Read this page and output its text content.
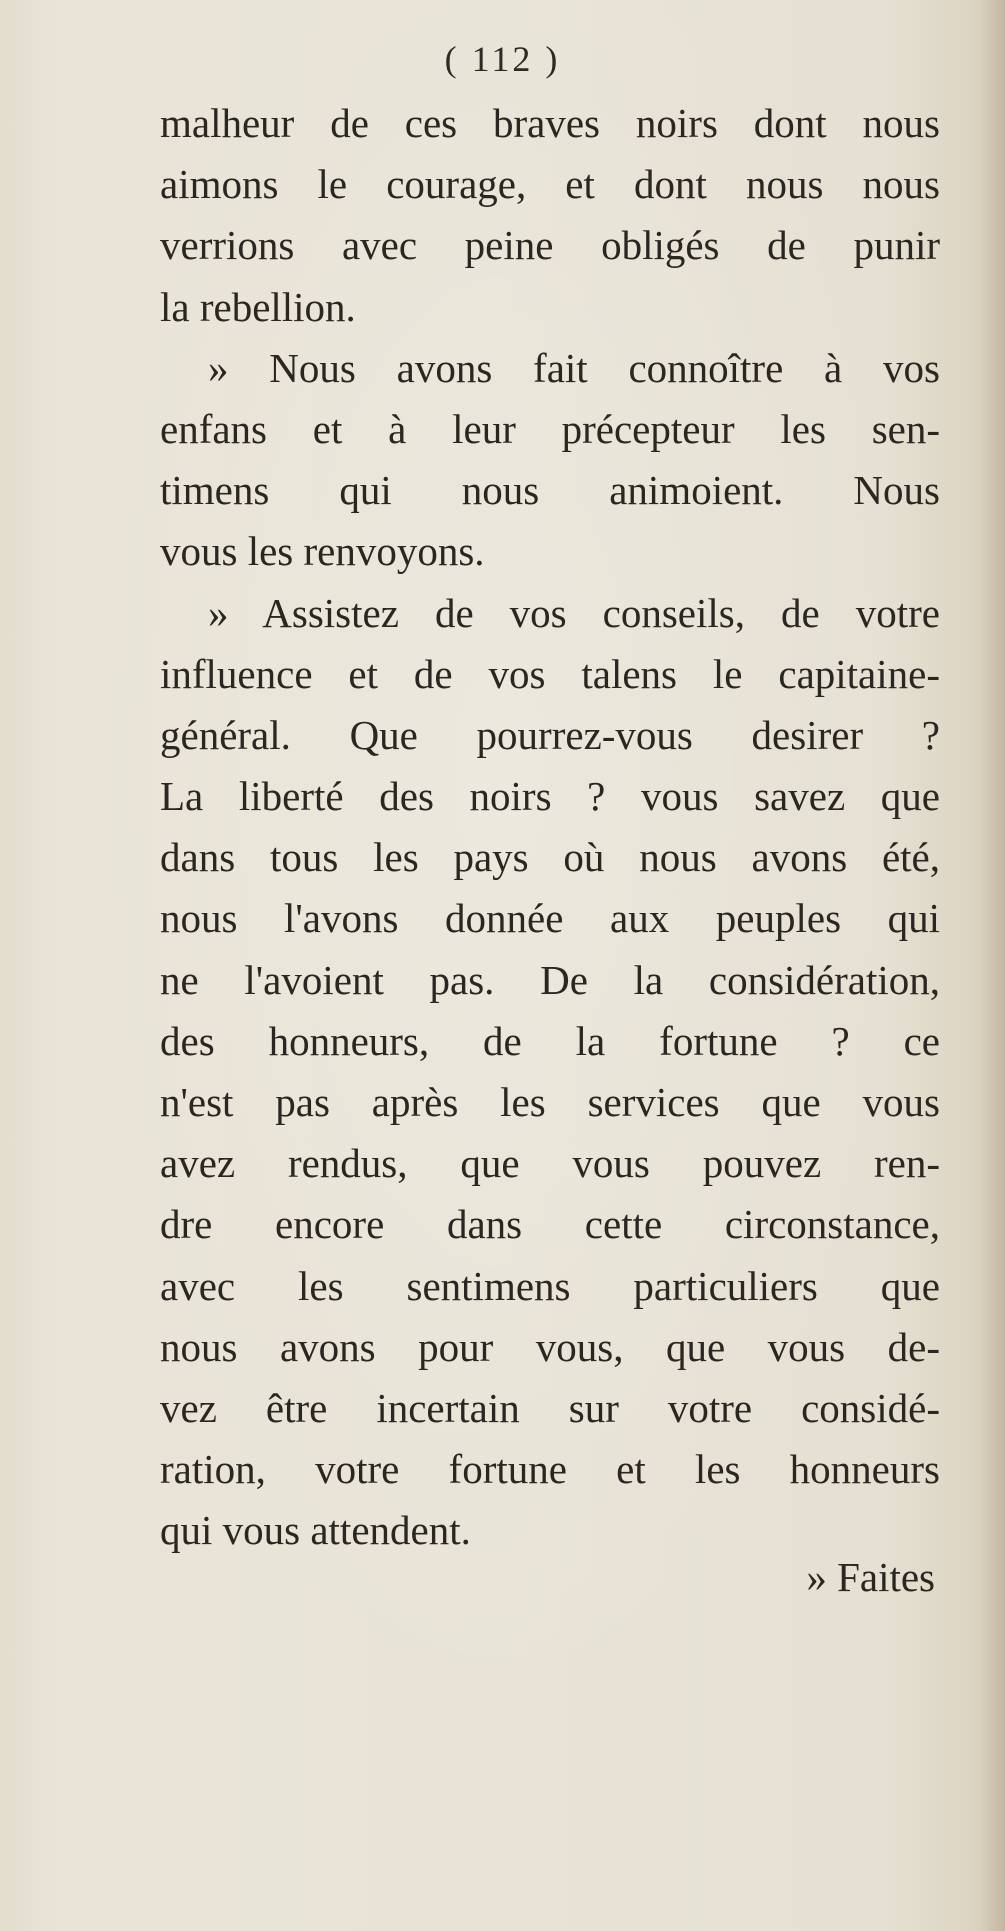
( 112 )
malheur de ces braves noirs dont nous
aimons le courage, et dont nous nous
verrions avec peine obligés de punir
la rebellion.
» Nous avons fait connoître à vos
enfans et à leur précepteur les sen-
timens qui nous animoient. Nous
vous les renvoyons.
» Assistez de vos conseils, de votre
influence et de vos talens le capitaine-
général. Que pourrez-vous desirer ?
La liberté des noirs ? vous savez que
dans tous les pays où nous avons été,
nous l'avons donnée aux peuples qui
ne l'avoient pas. De la considération,
des honneurs, de la fortune ? ce
n'est pas après les services que vous
avez rendus, que vous pouvez ren-
dre encore dans cette circonstance,
avec les sentimens particuliers que
nous avons pour vous, que vous de-
vez être incertain sur votre considé-
ration, votre fortune et les honneurs
qui vous attendent.
» Faites
